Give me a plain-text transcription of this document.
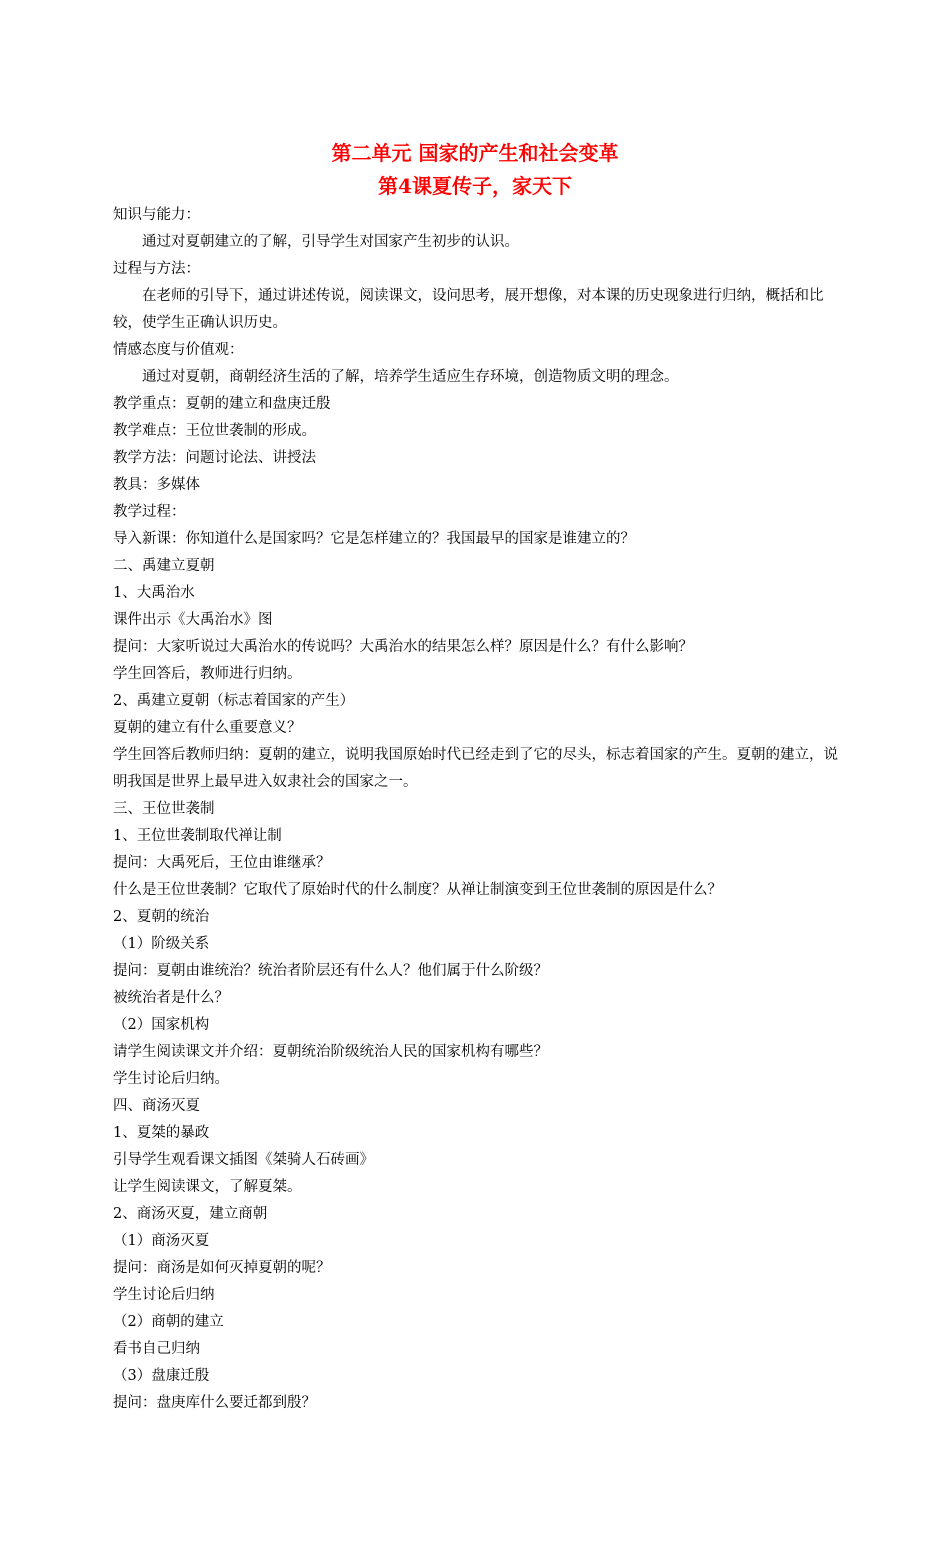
第二单元 国家的产生和社会变革
第4课夏传子，家天下

知识与能力：

通过对夏朝建立的了解，引导学生对国家产生初步的认识。

过程与方法：

在老师的引导下，通过讲述传说，阅读课文，设问思考，展开想像，对本课的历史现象进行归纳，概括和比较，使学生正确认识历史。

情感态度与价值观：

通过对夏朝，商朝经济生活的了解，培养学生适应生存环境，创造物质文明的理念。

教学重点：夏朝的建立和盘庚迁殷

教学难点：王位世袭制的形成。

教学方法：问题讨论法、讲授法

教具：多媒体

教学过程：

导入新课：你知道什么是国家吗？它是怎样建立的？我国最早的国家是谁建立的？

二、禹建立夏朝

1、大禹治水

课件出示《大禹治水》图

提问：大家听说过大禹治水的传说吗？大禹治水的结果怎么样？原因是什么？有什么影响？

学生回答后，教师进行归纳。

2、禹建立夏朝（标志着国家的产生）

夏朝的建立有什么重要意义？

学生回答后教师归纳：夏朝的建立，说明我国原始时代已经走到了它的尽头，标志着国家的产生。夏朝的建立，说明我国是世界上最早进入奴隶社会的国家之一。

三、王位世袭制

1、王位世袭制取代禅让制

提问：大禹死后，王位由谁继承？

什么是王位世袭制？它取代了原始时代的什么制度？从禅让制演变到王位世袭制的原因是什么？

2、夏朝的统治

（1）阶级关系

提问：夏朝由谁统治？统治者阶层还有什么人？他们属于什么阶级？

被统治者是什么？

（2）国家机构

请学生阅读课文并介绍：夏朝统治阶级统治人民的国家机构有哪些？

学生讨论后归纳。

四、商汤灭夏

1、夏桀的暴政

引导学生观看课文插图《桀骑人石砖画》

让学生阅读课文，了解夏桀。

2、商汤灭夏，建立商朝

（1）商汤灭夏

提问：商汤是如何灭掉夏朝的呢？

学生讨论后归纳

（2）商朝的建立

看书自己归纳

（3）盘康迁殷

提问：盘庚库什么要迁都到殷？
